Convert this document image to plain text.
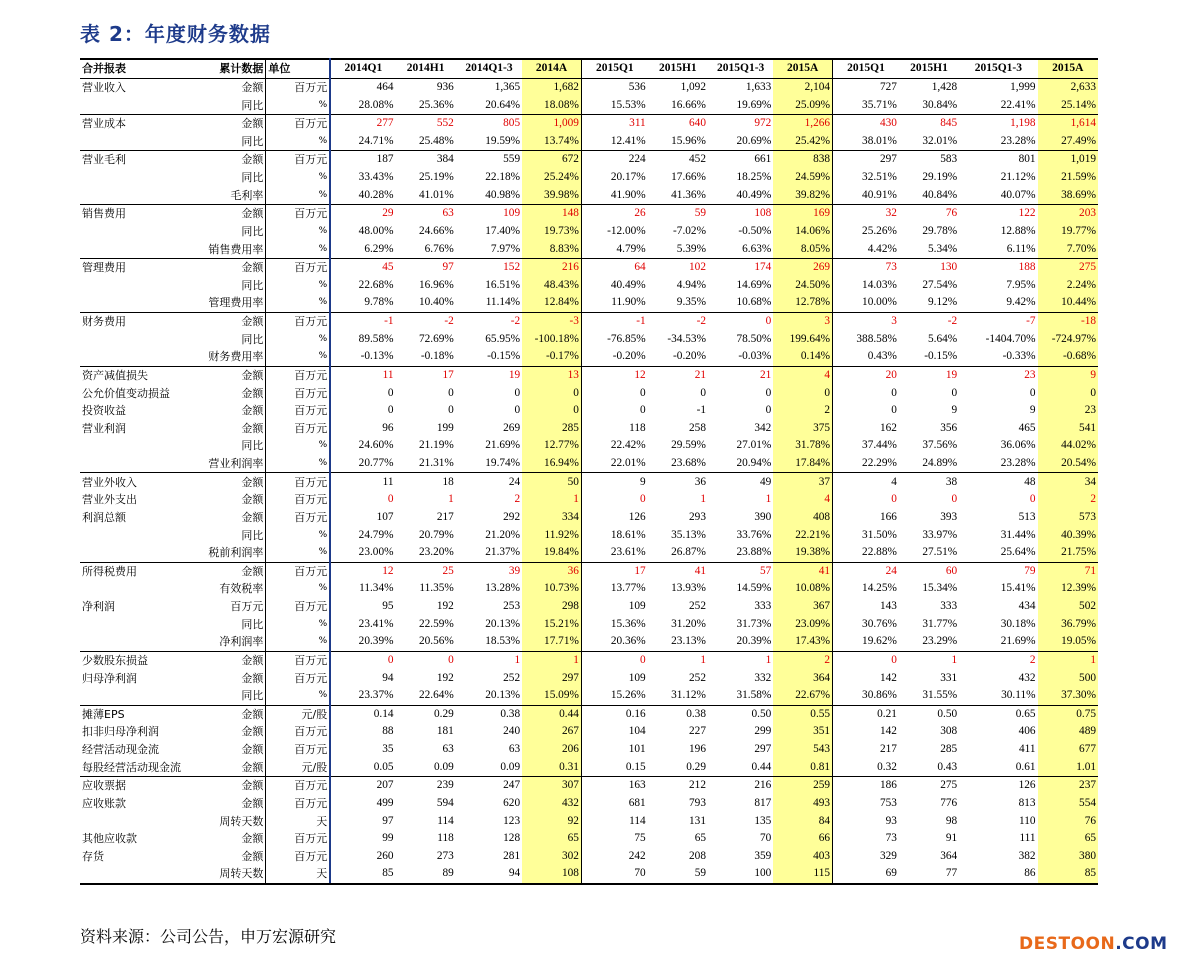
表 2：年度财务数据
合并报表	累计数据	单位	2014Q1	2014H1	2014Q1-3	2014A	2015Q1	2015H1	2015Q1-3	2015A	2015Q1	2015H1	2015Q1-3	2015A
营业收入	金额	百万元	464	936	1,365	1,682	536	1,092	1,633	2,104	727	1,428	1,999	2,633
	同比	%	28.08%	25.36%	20.64%	18.08%	15.53%	16.66%	19.69%	25.09%	35.71%	30.84%	22.41%	25.14%
营业成本	金额	百万元	277	552	805	1,009	311	640	972	1,266	430	845	1,198	1,614
	同比	%	24.71%	25.48%	19.59%	13.74%	12.41%	15.96%	20.69%	25.42%	38.01%	32.01%	23.28%	27.49%
营业毛利	金额	百万元	187	384	559	672	224	452	661	838	297	583	801	1,019
	同比	%	33.43%	25.19%	22.18%	25.24%	20.17%	17.66%	18.25%	24.59%	32.51%	29.19%	21.12%	21.59%
	毛利率	%	40.28%	41.01%	40.98%	39.98%	41.90%	41.36%	40.49%	39.82%	40.91%	40.84%	40.07%	38.69%
销售费用	金额	百万元	29	63	109	148	26	59	108	169	32	76	122	203
	同比	%	48.00%	24.66%	17.40%	19.73%	-12.00%	-7.02%	-0.50%	14.06%	25.26%	29.78%	12.88%	19.77%
	销售费用率	%	6.29%	6.76%	7.97%	8.83%	4.79%	5.39%	6.63%	8.05%	4.42%	5.34%	6.11%	7.70%
管理费用	金额	百万元	45	97	152	216	64	102	174	269	73	130	188	275
	同比	%	22.68%	16.96%	16.51%	48.43%	40.49%	4.94%	14.69%	24.50%	14.03%	27.54%	7.95%	2.24%
	管理费用率	%	9.78%	10.40%	11.14%	12.84%	11.90%	9.35%	10.68%	12.78%	10.00%	9.12%	9.42%	10.44%
财务费用	金额	百万元	-1	-2	-2	-3	-1	-2	0	3	3	-2	-7	-18
	同比	%	89.58%	72.69%	65.95%	-100.18%	-76.85%	-34.53%	78.50%	199.64%	388.58%	5.64%	-1404.70%	-724.97%
	财务费用率	%	-0.13%	-0.18%	-0.15%	-0.17%	-0.20%	-0.20%	-0.03%	0.14%	0.43%	-0.15%	-0.33%	-0.68%
资产减值损失	金额	百万元	11	17	19	13	12	21	21	4	20	19	23	9
公允价值变动损益	金额	百万元	0	0	0	0	0	0	0	0	0	0	0	0
投资收益	金额	百万元	0	0	0	0	0	-1	0	2	0	9	9	23
营业利润	金额	百万元	96	199	269	285	118	258	342	375	162	356	465	541
	同比	%	24.60%	21.19%	21.69%	12.77%	22.42%	29.59%	27.01%	31.78%	37.44%	37.56%	36.06%	44.02%
	营业利润率	%	20.77%	21.31%	19.74%	16.94%	22.01%	23.68%	20.94%	17.84%	22.29%	24.89%	23.28%	20.54%
营业外收入	金额	百万元	11	18	24	50	9	36	49	37	4	38	48	34
营业外支出	金额	百万元	0	1	2	1	0	1	1	4	0	0	0	2
利润总额	金额	百万元	107	217	292	334	126	293	390	408	166	393	513	573
	同比	%	24.79%	20.79%	21.20%	11.92%	18.61%	35.13%	33.76%	22.21%	31.50%	33.97%	31.44%	40.39%
	税前利润率	%	23.00%	23.20%	21.37%	19.84%	23.61%	26.87%	23.88%	19.38%	22.88%	27.51%	25.64%	21.75%
所得税费用	金额	百万元	12	25	39	36	17	41	57	41	24	60	79	71
	有效税率	%	11.34%	11.35%	13.28%	10.73%	13.77%	13.93%	14.59%	10.08%	14.25%	15.34%	15.41%	12.39%
净利润	百万元	百万元	95	192	253	298	109	252	333	367	143	333	434	502
	同比	%	23.41%	22.59%	20.13%	15.21%	15.36%	31.20%	31.73%	23.09%	30.76%	31.77%	30.18%	36.79%
	净利润率	%	20.39%	20.56%	18.53%	17.71%	20.36%	23.13%	20.39%	17.43%	19.62%	23.29%	21.69%	19.05%
少数股东损益	金额	百万元	0	0	1	1	0	1	1	2	0	1	2	1
归母净利润	金额	百万元	94	192	252	297	109	252	332	364	142	331	432	500
	同比	%	23.37%	22.64%	20.13%	15.09%	15.26%	31.12%	31.58%	22.67%	30.86%	31.55%	30.11%	37.30%
摊薄EPS	金额	元/股	0.14	0.29	0.38	0.44	0.16	0.38	0.50	0.55	0.21	0.50	0.65	0.75
扣非归母净利润	金额	百万元	88	181	240	267	104	227	299	351	142	308	406	489
经营活动现金流	金额	百万元	35	63	63	206	101	196	297	543	217	285	411	677
每股经营活动现金流	金额	元/股	0.05	0.09	0.09	0.31	0.15	0.29	0.44	0.81	0.32	0.43	0.61	1.01
应收票据	金额	百万元	207	239	247	307	163	212	216	259	186	275	126	237
应收账款	金额	百万元	499	594	620	432	681	793	817	493	753	776	813	554
	周转天数	天	97	114	123	92	114	131	135	84	93	98	110	76
其他应收款	金额	百万元	99	118	128	65	75	65	70	66	73	91	111	65
存货	金额	百万元	260	273	281	302	242	208	359	403	329	364	382	380
	周转天数	天	85	89	94	108	70	59	100	115	69	77	86	85
资料来源：公司公告，申万宏源研究	DESTOON.COM
